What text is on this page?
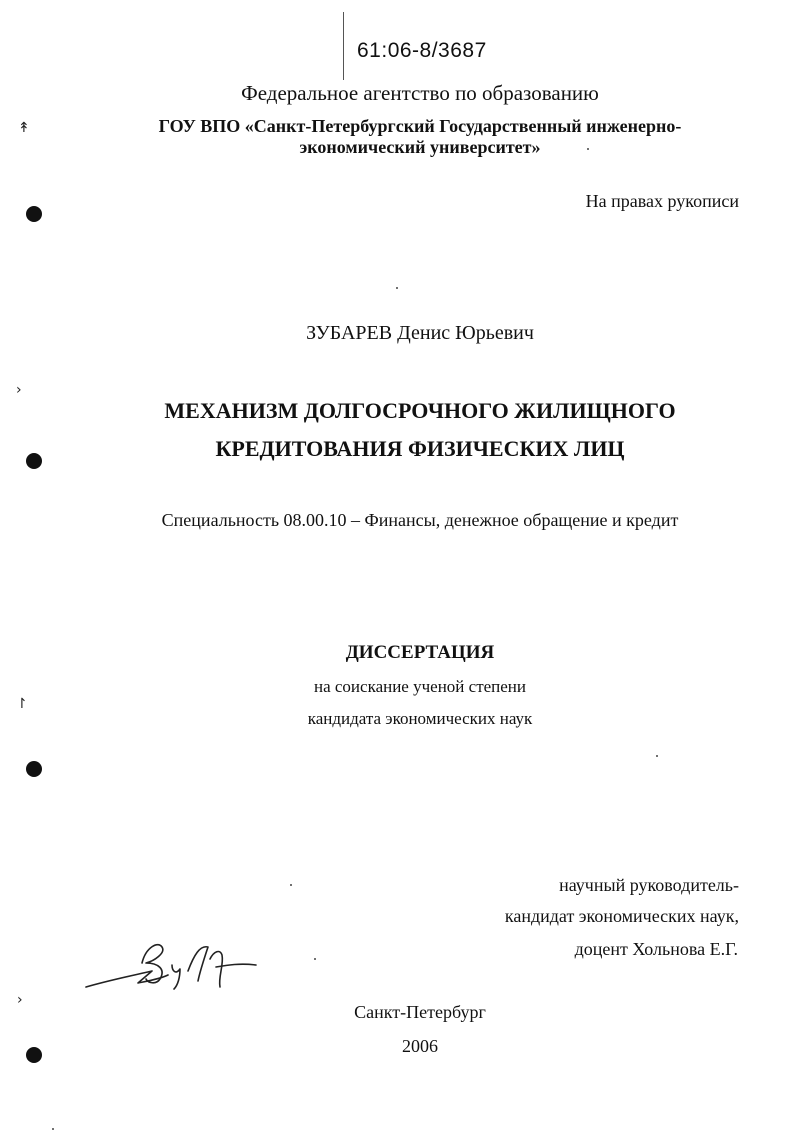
↟
›
↾
›
61:06-8/3687
Федеральное агентство по образованию
ГОУ ВПО «Санкт-Петербургский Государственный инженерно-
экономический университет»
На правах рукописи
ЗУБАРЕВ Денис Юрьевич
МЕХАНИЗМ ДОЛГОСРОЧНОГО ЖИЛИЩНОГО
КРЕДИТОВАНИЯ ФИЗИЧЕСКИХ ЛИЦ
Специальность 08.00.10 – Финансы, денежное обращение и кредит
ДИССЕРТАЦИЯ
на соискание ученой степени
кандидата экономических наук
научный руководитель-
кандидат экономических наук,
доцент Хольнова Е.Г.
Санкт-Петербург
2006
